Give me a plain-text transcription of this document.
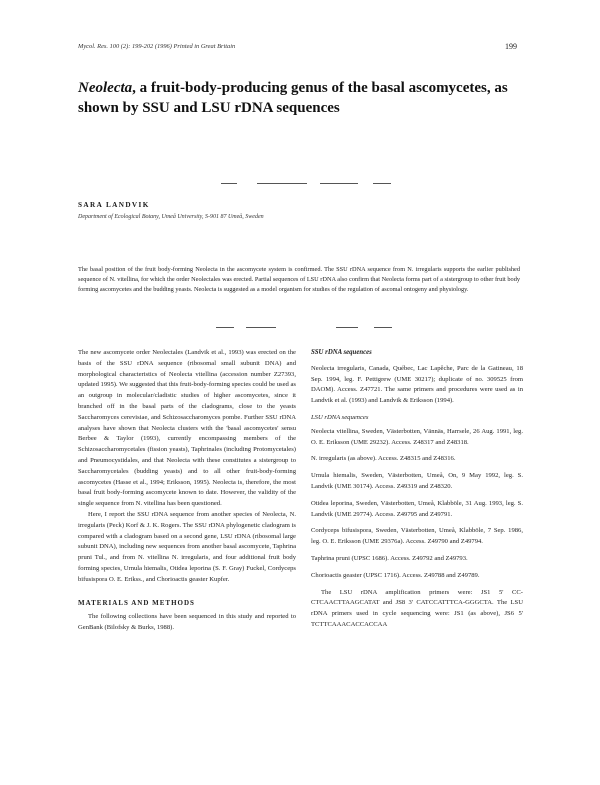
Mycol. Res. 100 (2): 199-202 (1996) Printed in Great Britain	199
Neolecta, a fruit-body-producing genus of the basal ascomycetes, as shown by SSU and LSU rDNA sequences
SARA LANDVIK
Department of Ecological Botany, Umeå University, S-901 87 Umeå, Sweden
The basal position of the fruit body-forming Neolecta in the ascomycete system is confirmed. The SSU rDNA sequence from N. irregularis supports the earlier published sequence of N. vitellina, for which the order Neolectales was erected. Partial sequences of LSU rDNA also confirm that Neolecta forms part of a sistergroup to other fruit body forming ascomycetes and the budding yeasts. Neolecta is suggested as a model organism for studies of the regulation of ascomal ontogeny and physiology.

The new ascomycete order Neolectales (Landvik et al., 1993) was erected on the basis of the SSU rDNA sequence (ribosomal small subunit DNA) and morphological characteristics of Neolecta vitellina (accession number Z27393, updated 1995). We suggested that this fruit-body-forming species could be used as an outgroup in molecular/cladistic studies of higher ascomycetes, since it branched off in the basal parts of the cladograms, close to the yeasts Saccharomyces cerevisiae, and Schizosaccharomyces pombe. Further SSU rDNA analyses have shown that Neolecta clusters with the 'basal ascomycetes' sensu Berbee & Taylor (1993), currently encompassing members of the Schizosaccharomycetales (fission yeasts), Taphrinales (including Protomycetales) and Pneumocystidales, and that Neolecta with these constitutes a sistergroup to Saccharomycetales (budding yeasts) and to all other fruit-body-forming ascomycetes (Hasse et al., 1994; Eriksson, 1995). Neolecta is, therefore, the most basal fruit body-forming ascomycete known to date. However, the validity of the single sequence from N. vitellina has been questioned.

Here, I report the SSU rDNA sequence from another species of Neolecta, N. irregularis (Peck) Korf & J. K. Rogers. The SSU rDNA phylogenetic cladogram is compared with a cladogram based on a second gene, LSU rDNA (ribosomal large subunit DNA), including new sequences from another basal ascomycete, Taphrina pruni Tul., and from N. vitellina N. irregularis, and four additional fruit body forming species, Urnula hiemalis, Otidea leporina (S. F. Gray) Fuckel, Cordyceps bifusispora O. E. Erikss., and Chorioactis geaster Kupfer.

MATERIALS AND METHODS

The following collections have been sequenced in this study and reported to GenBank (Bilofsky & Burks, 1988).

SSU rDNA sequences

Neolecta irregularis, Canada, Québec, Lac Lapêche, Parc de la Gatineau, 18 Sep. 1994, leg. F. Pettigrew (UME 30217); duplicate of no. 309525 from DAOM). Access. Z47721. The same primers and procedures were used as in Landvik et al. (1993) and Landvik & Eriksson (1994).

LSU rDNA sequences

Neolecta vitellina, Sweden, Västerbotten, Vännäs, Harrsele, 26 Aug. 1991, leg. O. E. Eriksson (UME 29232). Access. Z48317 and Z48318.

N. irregularis (as above). Access. Z48315 and Z48316.

Urnula hiemalis, Sweden, Västerbotten, Umeå, On, 9 May 1992, leg. S. Landvik (UME 30174). Access. Z49319 and Z48320.

Otidea leporina, Sweden, Västerbotten, Umeå, Klabböle, 31 Aug. 1993, leg. S. Landvik (UME 29774). Access. Z49795 and Z49791.

Cordyceps bifusispora, Sweden, Västerbotten, Umeå, Klabböle, 7 Sep. 1986, leg. O. E. Eriksson (UME 29376a). Access. Z49790 and Z49794.

Taphrina pruni (UPSC 1686). Access. Z49792 and Z49793.

Chorioactis geaster (UPSC 1716). Access. Z49788 and Z49789.

The LSU rDNA amplification primers were: JS1 5' CC-CTCAACTTAAGCATAT and JS8 3' CATCCATTTCA-GGGCTA. The LSU rDNA primers used in cycle sequencing were: JS1 (as above), JS6 5' TCTTCAAACACCACCAA
